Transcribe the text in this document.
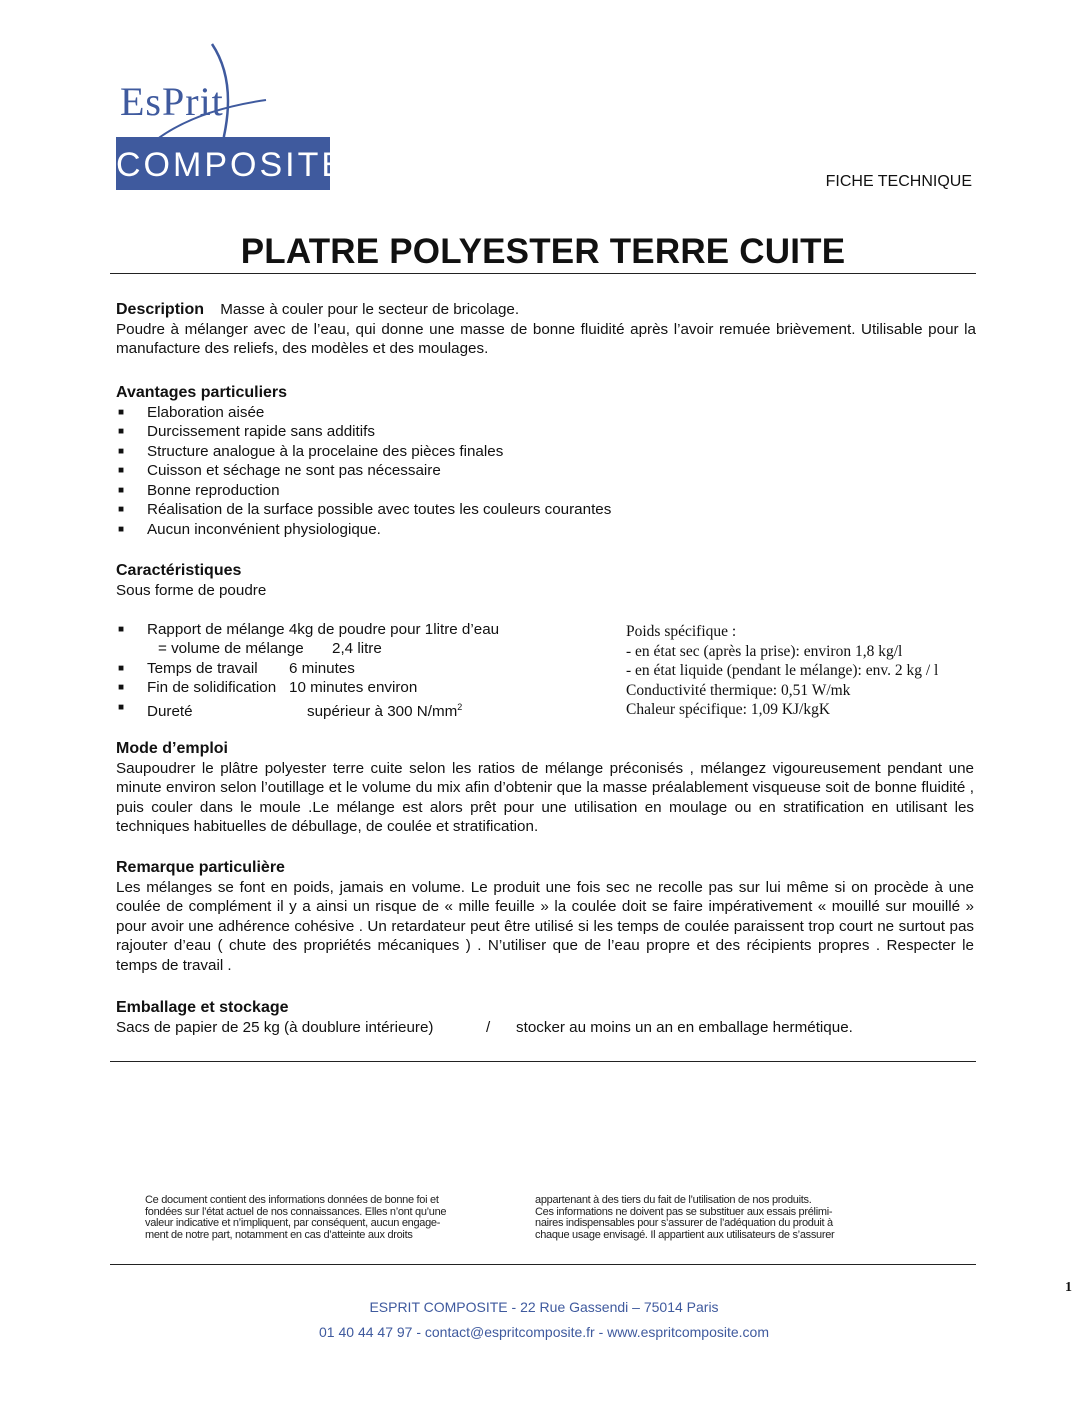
EsPrit
COMPOSITE	FICHE TECHNIQUE
PLATRE POLYESTER TERRE CUITE
Description Masse à couler pour le secteur de bricolage.
Poudre à mélanger avec de l’eau, qui donne une masse de bonne fluidité après l’avoir remuée brièvement. Utilisable pour la manufacture des reliefs, des modèles et des moulages.
Avantages particuliers
■ Elaboration aisée
■ Durcissement rapide sans additifs
■ Structure analogue à la procelaine des pièces finales
■ Cuisson et séchage ne sont pas nécessaire
■ Bonne reproduction
■ Réalisation de la surface possible avec toutes les couleurs courantes
■ Aucun inconvénient physiologique.
Caractéristiques
Sous forme de poudre
■ Rapport de mélange 4kg de poudre pour 1litre d’eau
= volume de mélange 2,4 litre
■ Temps de travail 6 minutes
■ Fin de solidification 10 minutes environ
■ Dureté	supérieur à 300 $N/mm^2$
Poids spécifique :
- en état sec (après la prise): environ 1,8 kg/l
- en état liquide (pendant le mélange): env. 2 kg / l
Conductivité thermique: 0,51 W/mk
Chaleur spécifique: 1,09 KJ/kgK
Mode d’emploi
Saupoudrer le plâtre polyester terre cuite selon les ratios de mélange préconisés , mélangez vigoureusement pendant une minute environ selon l’outillage et le volume du mix afin d’obtenir que la masse préalablement visqueuse soit de bonne fluidité , puis couler dans le moule .Le mélange est alors prêt pour une utilisation en moulage ou en stratification en utilisant les techniques habituelles de débullage, de coulée et stratification.
Remarque particulière
Les mélanges se font en poids, jamais en volume. Le produit une fois sec ne recolle pas sur lui même si on procède à une coulée de complément il y a ainsi un risque de « mille feuille » la coulée doit se faire impérativement « mouillé sur mouillé » pour avoir une adhérence cohésive . Un retardateur peut être utilisé si les temps de coulée paraissent trop court ne surtout pas rajouter d’eau ( chute des propriétés mécaniques ) . N’utiliser que de l’eau propre et des récipients propres . Respecter le temps de travail .
Emballage et stockage
Sacs de papier de 25 kg (à doublure intérieure)	/ stocker au moins un an en emballage hermétique.
Ce document contient des informations données de bonne foi et
fondées sur l’état actuel de nos connaissances. Elles n’ont qu’une
valeur indicative et n’impliquent, par conséquent, aucun engage-
ment de notre part, notamment en cas d’atteinte aux droits
appartenant à des tiers du fait de l’utilisation de nos produits.
Ces informations ne doivent pas se substituer aux essais prélimi-
naires indispensables pour s’assurer de l’adéquation du produit à
chaque usage envisagé. Il appartient aux utilisateurs de s’assurer
1
ESPRIT COMPOSITE - 22 Rue Gassendi – 75014 Paris
01 40 44 47 97 - contact@espritcomposite.fr - www.espritcomposite.com
